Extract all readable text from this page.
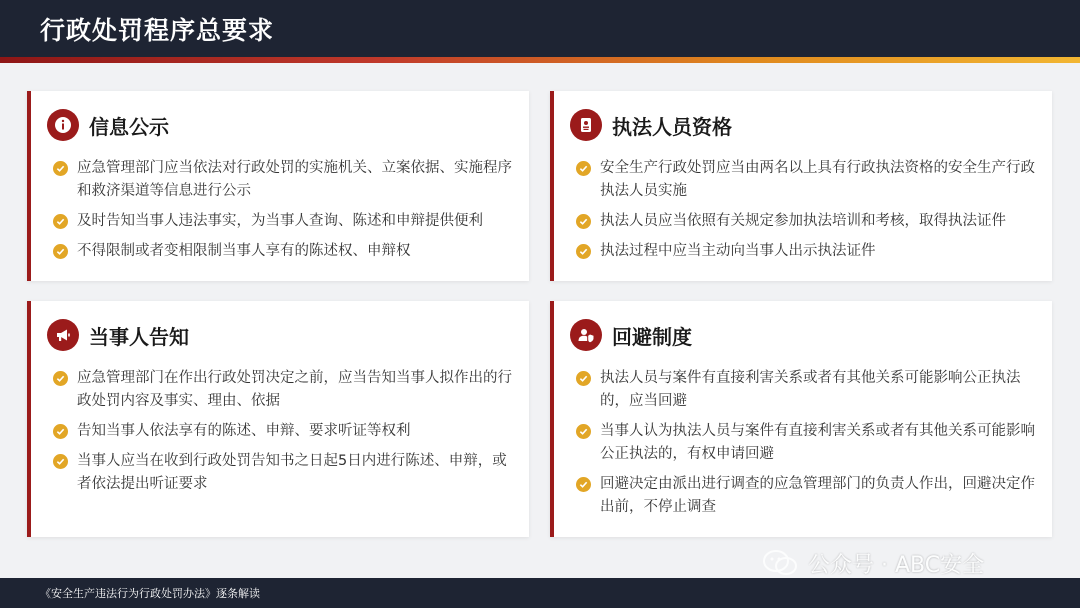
行政处罚程序总要求
信息公示
应急管理部门应当依法对行政处罚的实施机关、立案依据、实施程序和救济渠道等信息进行公示
及时告知当事人违法事实，为当事人查询、陈述和申辩提供便利
不得限制或者变相限制当事人享有的陈述权、申辩权
执法人员资格
安全生产行政处罚应当由两名以上具有行政执法资格的安全生产行政执法人员实施
执法人员应当依照有关规定参加执法培训和考核，取得执法证件
执法过程中应当主动向当事人出示执法证件
当事人告知
应急管理部门在作出行政处罚决定之前，应当告知当事人拟作出的行政处罚内容及事实、理由、依据
告知当事人依法享有的陈述、申辩、要求听证等权利
当事人应当在收到行政处罚告知书之日起5日内进行陈述、申辩，或者依法提出听证要求
回避制度
执法人员与案件有直接利害关系或者有其他关系可能影响公正执法的，应当回避
当事人认为执法人员与案件有直接利害关系或者有其他关系可能影响公正执法的，有权申请回避
回避决定由派出进行调查的应急管理部门的负责人作出，回避决定作出前，不停止调查
公众号 · ABC安全
《安全生产违法行为行政处罚办法》逐条解读
